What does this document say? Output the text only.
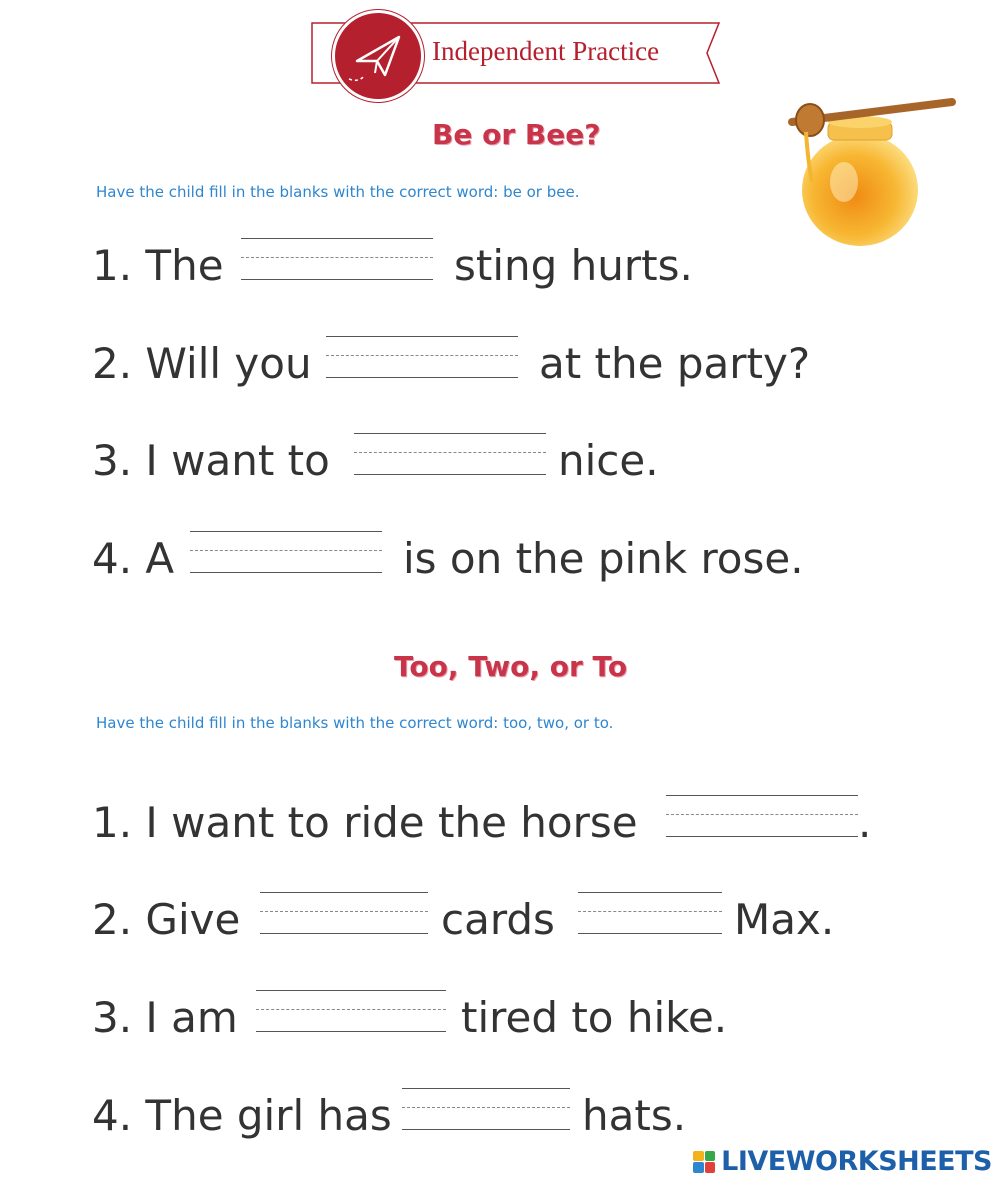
Independent Practice
Be or Bee?
Have the child fill in the blanks with the correct word: be or bee.
1. The	sting hurts.
2. Will you	at the party?
3. I want to	nice.
4. A	is on the pink rose.
Too, Two, or To
Have the child fill in the blanks with the correct word: too, two, or to.
1. I want to ride the horse	.
2. Give	cards	Max.
3. I am	tired to hike.
4. The girl has	hats.
LIVEWORKSHEETS
